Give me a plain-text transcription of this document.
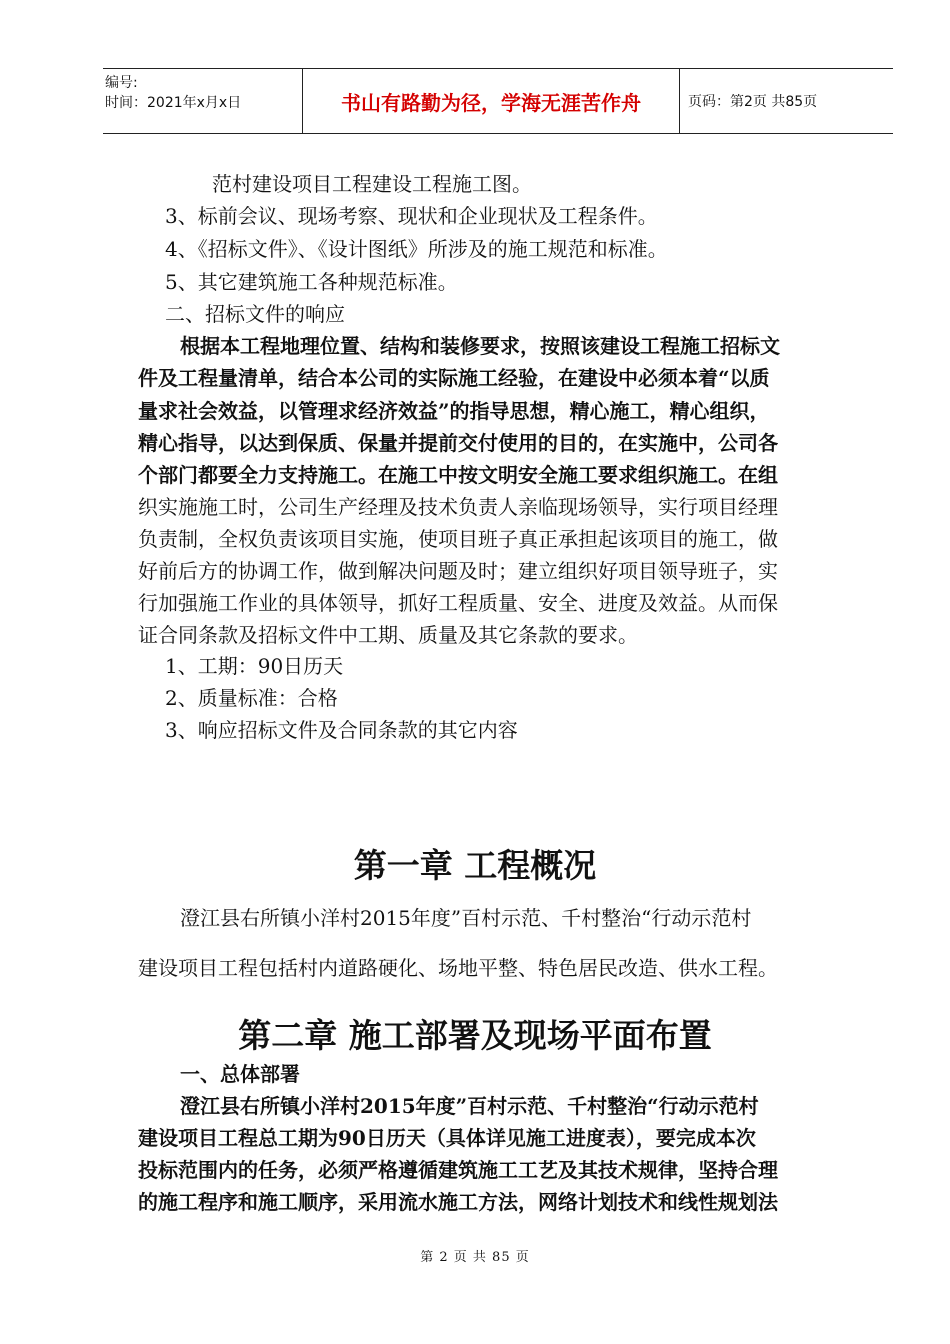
编号:
时间：2021年x月x日	书山有路勤为径，学海无涯苦作舟	页码：第2页 共85页
范村建设项目工程建设工程施工图。
3、标前会议、现场考察、现状和企业现状及工程条件。
4、《招标文件》、《设计图纸》所涉及的施工规范和标准。
5、其它建筑施工各种规范标准。
二、招标文件的响应
根据本工程地理位置、结构和装修要求，按照该建设工程施工招标文
件及工程量清单，结合本公司的实际施工经验，在建设中必须本着“以质
量求社会效益，以管理求经济效益”的指导思想，精心施工，精心组织，
精心指导，以达到保质、保量并提前交付使用的目的，在实施中，公司各
个部门都要全力支持施工。在施工中按文明安全施工要求组织施工。在组
织实施施工时，公司生产经理及技术负责人亲临现场领导，实行项目经理
负责制，全权负责该项目实施，使项目班子真正承担起该项目的施工，做
好前后方的协调工作，做到解决问题及时；建立组织好项目领导班子，实
行加强施工作业的具体领导，抓好工程质量、安全、进度及效益。从而保
证合同条款及招标文件中工期、质量及其它条款的要求。
1、工期：90日历天
2、质量标准：合格
3、响应招标文件及合同条款的其它内容
第一章 工程概况
澄江县右所镇小洋村2015年度”百村示范、千村整治“行动示范村
建设项目工程包括村内道路硬化、场地平整、特色居民改造、供水工程。
第二章 施工部署及现场平面布置
一、总体部署
澄江县右所镇小洋村2015年度”百村示范、千村整治“行动示范村
建设项目工程总工期为90日历天（具体详见施工进度表），要完成本次
投标范围内的任务，必须严格遵循建筑施工工艺及其技术规律，坚持合理
的施工程序和施工顺序，采用流水施工方法，网络计划技术和线性规划法
第 2 页 共 85 页
